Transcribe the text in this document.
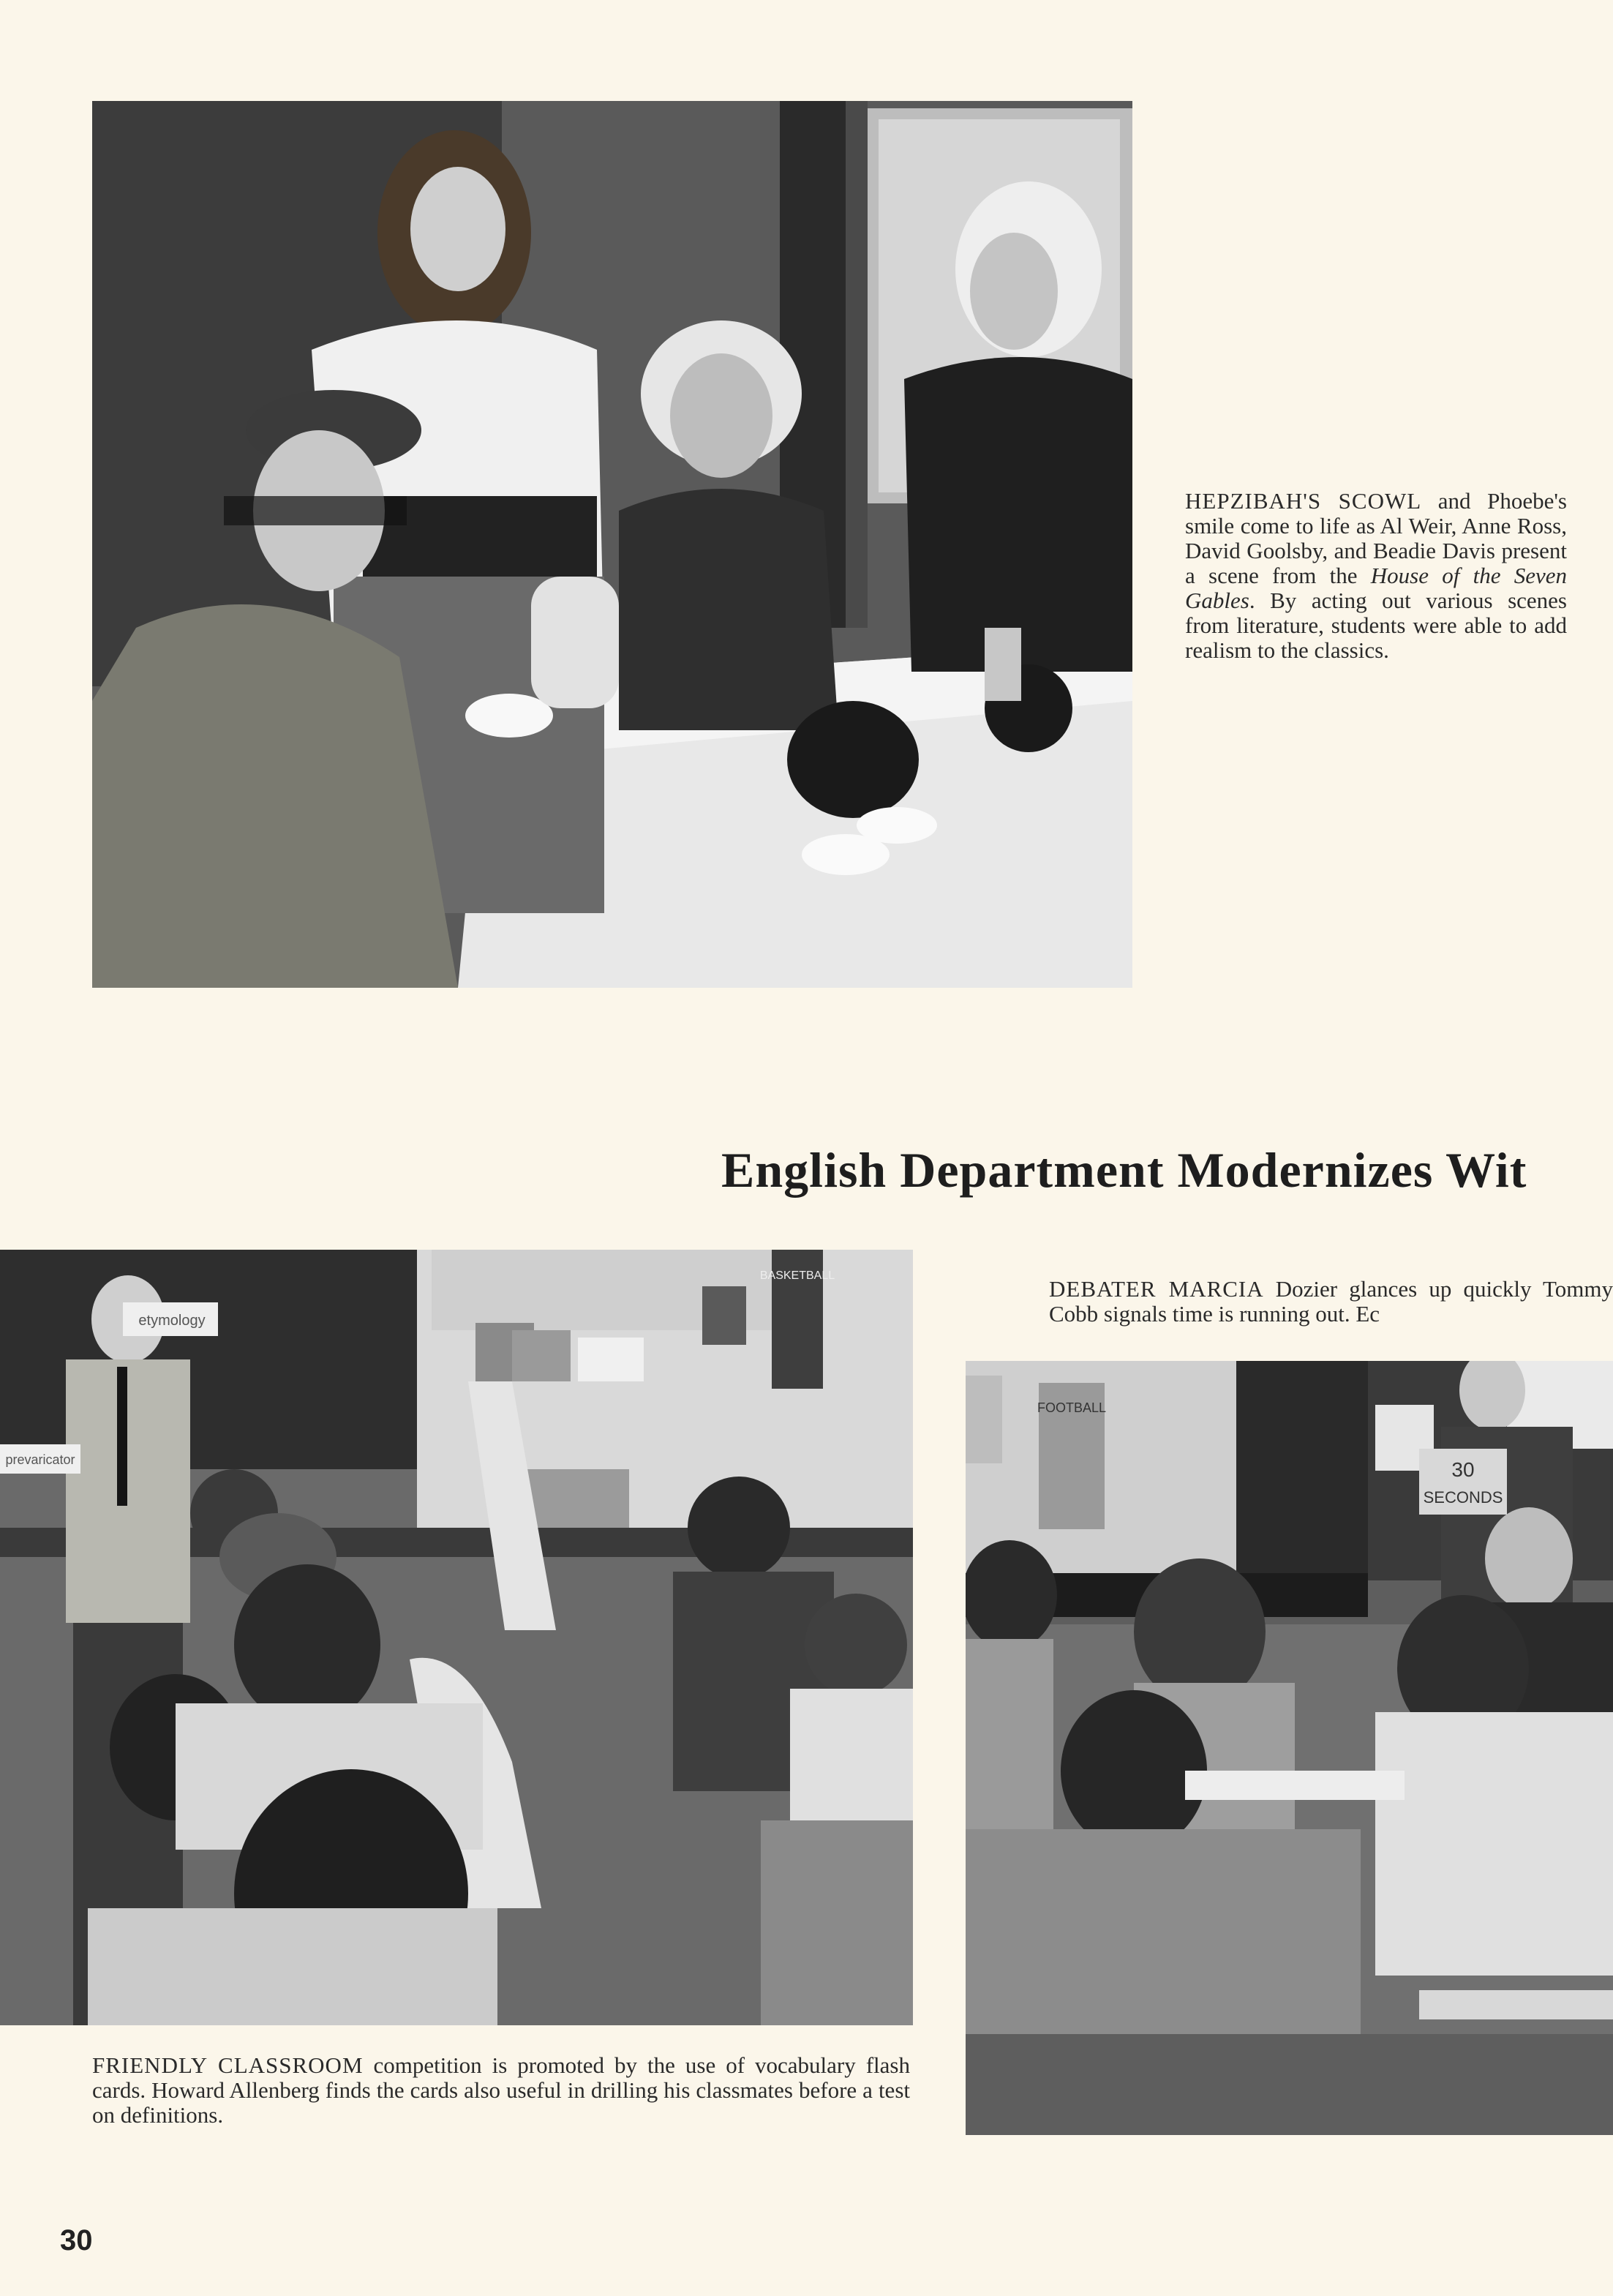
HEPZIBAH'S SCOWL and Phoebe's smile come to life as Al Weir, Anne Ross, David Goolsby, and Beadie Davis present a scene from the House of the Seven Gables. By acting out various scenes from literature, students were able to add realism to the classics.
English Department Modernizes Wit
etymology
prevaricator
BASKETBALL
FRIENDLY CLASSROOM competition is promoted by the use of vocabulary flash cards. Howard Allenberg finds the cards also useful in drilling his classmates before a test on definitions.
DEBATER MARCIA Dozier glances up quickly Tommy Cobb signals time is running out. Ec
FOOTBALL
30
SECONDS
30
